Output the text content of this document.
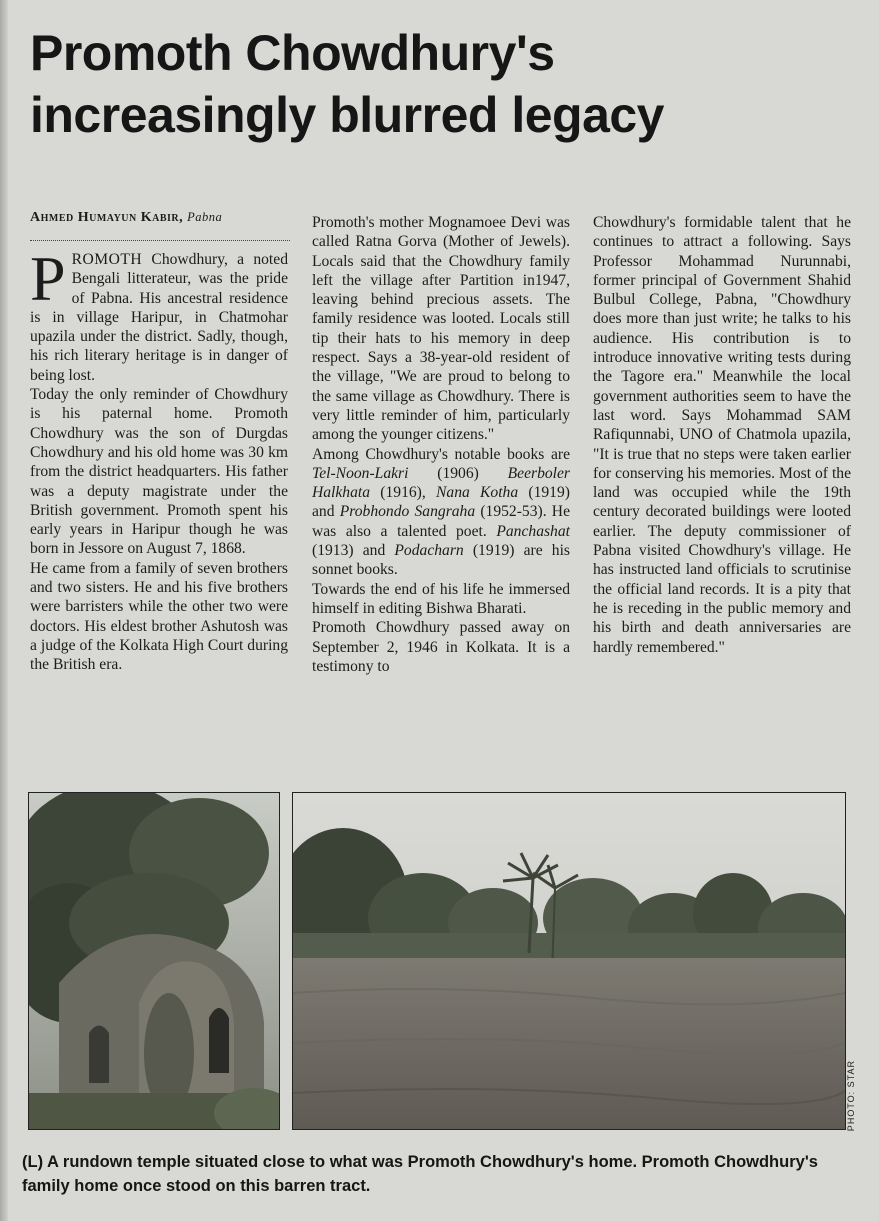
Promoth Chowdhury's
increasingly blurred legacy
Ahmed Humayun Kabir, Pabna

PROMOTH Chowdhury, a noted Bengali litterateur, was the pride of Pabna. His ancestral residence is in village Haripur, in Chatmohar upazila under the district. Sadly, though, his rich literary heritage is in danger of being lost.

Today the only reminder of Chowdhury is his paternal home. Promoth Chowdhury was the son of Durgdas Chowdhury and his old home was 30 km from the district headquarters. His father was a deputy magistrate under the British government. Promoth spent his early years in Haripur though he was born in Jessore on August 7, 1868.

He came from a family of seven brothers and two sisters. He and his five brothers were barristers while the other two were doctors. His eldest brother Ashutosh was a judge of the Kolkata High Court during the British era.

Promoth's mother Mognamoee Devi was called Ratna Gorva (Mother of Jewels). Locals said that the Chowdhury family left the village after Partition in1947, leaving behind precious assets. The family residence was looted. Locals still tip their hats to his memory in deep respect. Says a 38-year-old resident of the village, "We are proud to belong to the same village as Chowdhury. There is very little reminder of him, particularly among the younger citizens."

Among Chowdhury's notable books are Tel-Noon-Lakri (1906) Beerboler Halkhata (1916), Nana Kotha (1919) and Probhondo Sangraha (1952-53). He was also a talented poet. Panchashat (1913) and Podacharn (1919) are his sonnet books.

Towards the end of his life he immersed himself in editing Bishwa Bharati.

Promoth Chowdhury passed away on September 2, 1946 in Kolkata. It is a testimony to

Chowdhury's formidable talent that he continues to attract a following. Says Professor Mohammad Nurunnabi, former principal of Government Shahid Bulbul College, Pabna, "Chowdhury does more than just write; he talks to his audience. His contribution is to introduce innovative writing tests during the Tagore era." Meanwhile the local government authorities seem to have the last word. Says Mohammad SAM Rafiqunnabi, UNO of Chatmola upazila, "It is true that no steps were taken earlier for conserving his memories. Most of the land was occupied while the 19th century decorated buildings were looted earlier. The deputy commissioner of Pabna visited Chowdhury's village. He has instructed land officials to scrutinise the official land records. It is a pity that he is receding in the public memory and his birth and death anniversaries are hardly remembered."

PHOTO: STAR
(L) A rundown temple situated close to what was Promoth Chowdhury's home. Promoth Chowdhury's family home once stood on this barren tract.
